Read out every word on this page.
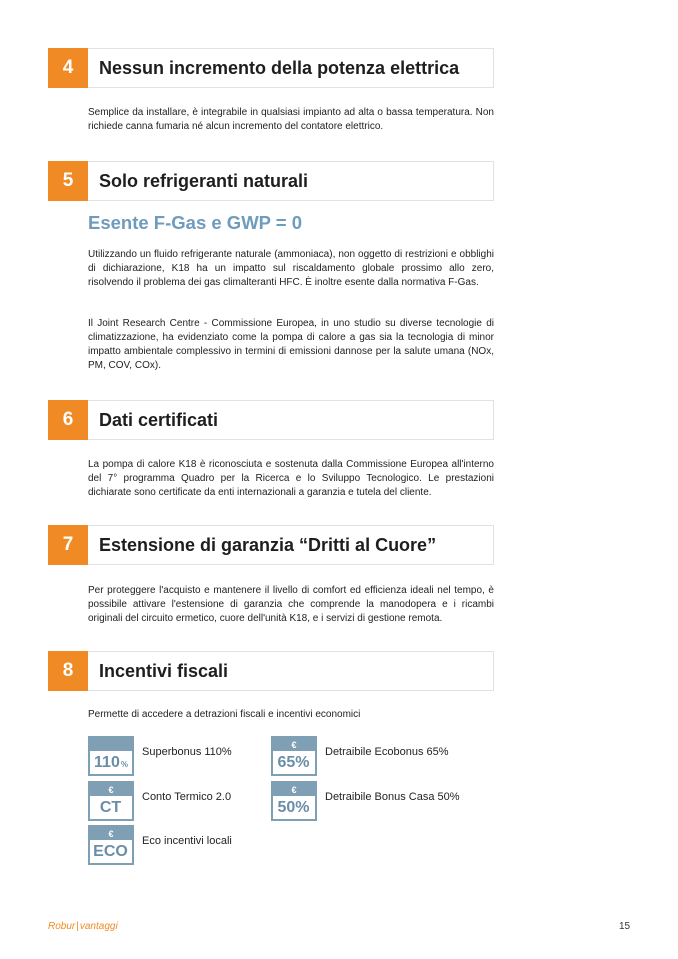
4	Nessun incremento della potenza elettrica

Semplice da installare, è integrabile in qualsiasi impianto ad alta o bassa temperatura. Non richiede canna fumaria né alcun incremento del contatore elettrico.

5	Solo refrigeranti naturali
Esente F-Gas e GWP = 0

Utilizzando un fluido refrigerante naturale (ammoniaca), non oggetto di restrizioni e obblighi di dichiarazione, K18 ha un impatto sul riscaldamento globale prossimo allo zero, risolvendo il problema dei gas climalteranti HFC. È inoltre esente dalla normativa F-Gas.

Il Joint Research Centre - Commissione Europea, in uno studio su diverse tecnologie di climatizzazione, ha evidenziato come la pompa di calore a gas sia la tecnologia di minor impatto ambientale complessivo in termini di emissioni dannose per la salute umana (NOx, PM, COV, COx).

6	Dati certificati

La pompa di calore K18 è riconosciuta e sostenuta dalla Commissione Europea all'interno del 7° programma Quadro per la Ricerca e lo Sviluppo Tecnologico. Le prestazioni dichiarate sono certificate da enti internazionali a garanzia e tutela del cliente.

7	Estensione di garanzia “Dritti al Cuore”

Per proteggere l'acquisto e mantenere il livello di comfort ed efficienza ideali nel tempo, è possibile attivare l'estensione di garanzia che comprende la manodopera e i ricambi originali del circuito ermetico, cuore dell'unità K18, e i servizi di gestione remota.

8	Incentivi fiscali

Permette di accedere a detrazioni fiscali e incentivi economici

110 %
Superbonus 110%
€
65%
Detraibile Ecobonus 65%
€
CT
Conto Termico 2.0
€
50%
Detraibile Bonus Casa 50%
€
ECO
Eco incentivi locali
Robur|vantaggi	15
